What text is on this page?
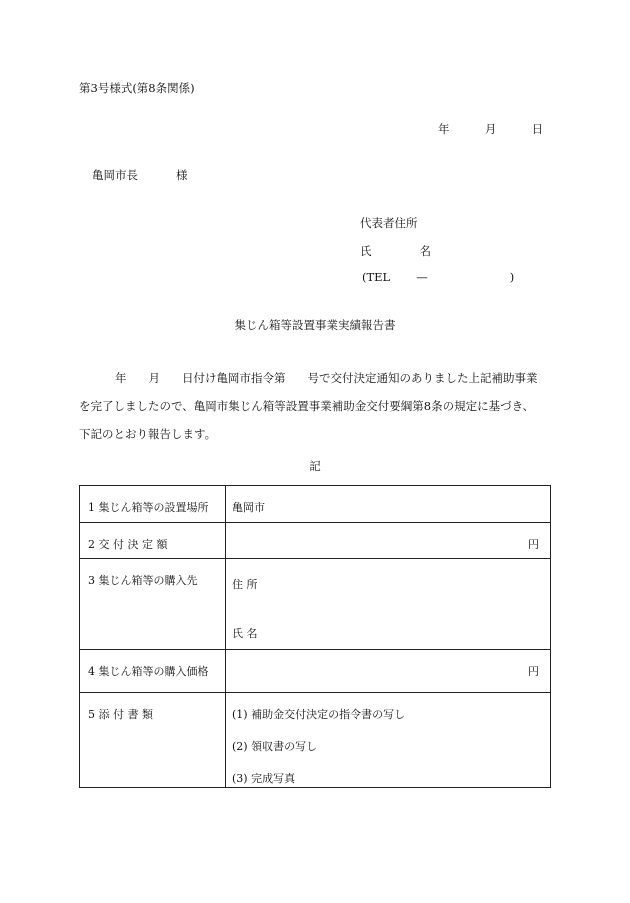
第3号様式(第8条関係)
年	月	日
亀岡市長	様
代表者住所
氏	名
(TEL —	)
集じん箱等設置事業実績報告書
年 月 日付け亀岡市指令第 号で交付決定通知のありました上記補助事業
を完了しましたので、亀岡市集じん箱等設置事業補助金交付要綱第8条の規定に基づき、
下記のとおり報告します。
記
1 集じん箱等の設置場所	亀岡市

2 交 付 決 定 額	円

3 集じん箱等の購入先	住 所
氏 名

4 集じん箱等の購入価格	円

5 添 付 書 類	(1) 補助金交付決定の指令書の写し
(2) 領収書の写し
(3) 完成写真
